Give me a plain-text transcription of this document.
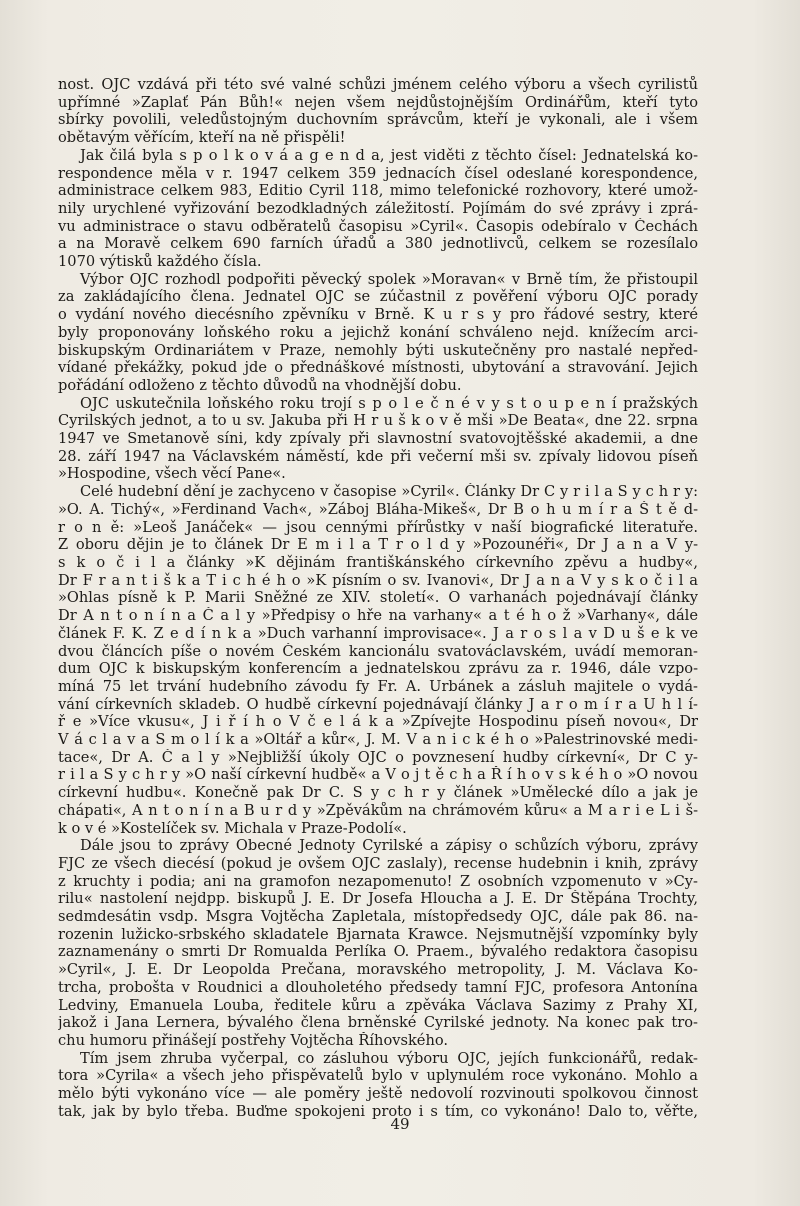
nost. OJC vzdává při této své valné schůzi jménem celého výboru a všech cyrilistů
upřímné »Zaplať Pán Bůh!« nejen všem nejdůstojnějším Ordinářům, kteří tyto
sbírky povolili, veledůstojným duchovním správcům, kteří je vykonali, ale i všem
obětavým věřícím, kteří na ně přispěli!
Jak čilá byla s p o l k o v á a g e n d a, jest viděti z těchto čísel: Jednatelská ko-
respondence měla v r. 1947 celkem 359 jednacích čísel odeslané korespondence,
administrace celkem 983, Editio Cyril 118, mimo telefonické rozhovory, které umož-
nily urychlené vyřizování bezodkladných záležitostí. Pojímám do své zprávy i zprá-
vu administrace o stavu odběratelů časopisu »Cyril«. Časopis odebíralo v Čechách
a na Moravě celkem 690 farních úřadů a 380 jednotlivců, celkem se rozesílalo
1070 výtisků každého čísla.
Výbor OJC rozhodl podpořiti pěvecký spolek »Moravan« v Brně tím, že přistoupil
za zakládajícího člena. Jednatel OJC se zúčastnil z pověření výboru OJC porady
o vydání nového diecésního zpěvníku v Brně. K u r s y pro řádové sestry, které
byly proponovány loňského roku a jejichž konání schváleno nejd. knížecím arci-
biskupským Ordinariátem v Praze, nemohly býti uskutečněny pro nastalé nepřed-
vídané překážky, pokud jde o přednáškové místnosti, ubytování a stravování. Jejich
pořádání odloženo z těchto důvodů na vhodnější dobu.
OJC uskutečnila loňského roku trojí s p o l e č n é v y s t o u p e n í pražských
Cyrilských jednot, a to u sv. Jakuba při H r u š k o v ě mši »De Beata«, dne 22. srpna
1947 ve Smetanově síni, kdy zpívaly při slavnostní svatovojtěšské akademii, a dne
28. září 1947 na Václavském náměstí, kde při večerní mši sv. zpívaly lidovou píseň
»Hospodine, všech věcí Pane«.
Celé hudební dění je zachyceno v časopise »Cyril«. Články Dr C y r i l a S y c h r y:
»O. A. Tichý«, »Ferdinand Vach«, »Záboj Bláha-Mikeš«, Dr B o h u m í r a Š t ě d-
r o n ě: »Leoš Janáček« — jsou cennými přírůstky v naší biografické literatuře.
Z oboru dějin je to článek Dr E m i l a T r o l d y »Pozounéři«, Dr J a n a V y-
s k o č i l a články »K dějinám františkánského církevního zpěvu a hudby«,
Dr F r a n t i š k a T i c h é h o »K písním o sv. Ivanovi«, Dr J a n a V y s k o č i l a
»Ohlas písně k P. Marii Sněžné ze XIV. století«. O varhanách pojednávají články
Dr A n t o n í n a Č a l y »Předpisy o hře na varhany« a t é h o ž »Varhany«, dále
článek F. K. Z e d í n k a »Duch varhanní improvisace«. J a r o s l a v D u š e k ve
dvou článcích píše o novém Českém kancionálu svatováclavském, uvádí memoran-
dum OJC k biskupským konferencím a jednatelskou zprávu za r. 1946, dále vzpo-
míná 75 let trvání hudebního závodu fy Fr. A. Urbánek a zásluh majitele o vydá-
vání církevních skladeb. O hudbě církevní pojednávají články J a r o m í r a U h l í-
ř e »Více vkusu«, J i ř í h o V č e l á k a »Zpívejte Hospodinu píseň novou«, Dr
V á c l a v a S m o l í k a »Oltář a kůr«, J. M. V a n i c k é h o »Palestrinovské medi-
tace«, Dr A. Č a l y »Nejbližší úkoly OJC o povznesení hudby církevní«, Dr C y-
r i l a S y c h r y »O naší církevní hudbě« a V o j t ě c h a Ř í h o v s k é h o »O novou
církevní hudbu«. Konečně pak Dr C. S y c h r y článek »Umělecké dílo a jak je
chápati«, A n t o n í n a B u r d y »Zpěvákům na chrámovém kůru« a M a r i e L i š-
k o v é »Kostelíček sv. Michala v Praze-Podolí«.
Dále jsou to zprávy Obecné Jednoty Cyrilské a zápisy o schůzích výboru, zprávy
FJC ze všech diecésí (pokud je ovšem OJC zaslaly), recense hudebnin i knih, zprávy
z kruchty i podia; ani na gramofon nezapomenuto! Z osobních vzpomenuto v »Cy-
rilu« nastolení nejdpp. biskupů J. E. Dr Josefa Hloucha a J. E. Dr Štěpána Trochty,
sedmdesátin vsdp. Msgra Vojtěcha Zapletala, místopředsedy OJC, dále pak 86. na-
rozenin lužicko-srbského skladatele Bjarnata Krawce. Nejsmutnější vzpomínky byly
zaznamenány o smrti Dr Romualda Perlíka O. Praem., bývalého redaktora časopisu
»Cyril«, J. E. Dr Leopolda Prečana, moravského metropolity, J. M. Václava Ko-
trcha, probošta v Roudnici a dlouholetého předsedy tamní FJC, profesora Antonína
Ledviny, Emanuela Louba, ředitele kůru a zpěváka Václava Sazimy z Prahy XI,
jakož i Jana Lernera, bývalého člena brněnské Cyrilské jednoty. Na konec pak tro-
chu humoru přinášejí postřehy Vojtěcha Říhovského.
Tím jsem zhruba vyčerpal, co zásluhou výboru OJC, jejích funkcionářů, redak-
tora »Cyrila« a všech jeho přispěvatelů bylo v uplynulém roce vykonáno. Mohlo a
mělo býti vykonáno více — ale poměry ještě nedovolí rozvinouti spolkovou činnost
tak, jak by bylo třeba. Buďme spokojeni proto i s tím, co vykonáno! Dalo to, věřte,
49
